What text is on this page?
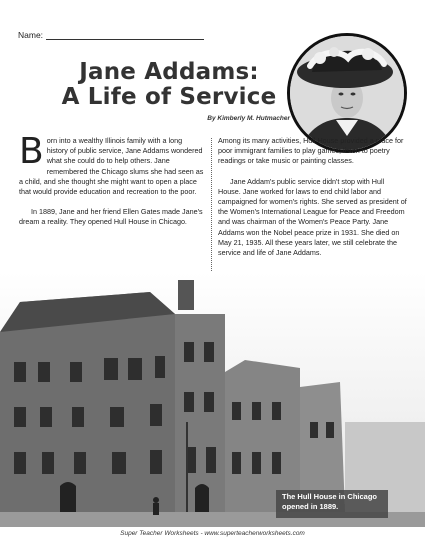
Name:
Jane Addams:
A Life of Service
By Kimberly M. Hutmacher

B orn into a wealthy Illinois family with a long history of public service, Jane Addams wondered what she could do to help others. Jane remembered the Chicago slums she had seen as a child, and she thought she might want to open a place that would provide education and recreation to the poor.

In 1889, Jane and her friend Ellen Gates made Jane's dream a reality. They opened Hull House in Chicago.

Among its many activities, Hull House provided a place for poor immigrant families to play games, listen to poetry readings or take music or painting classes.

Jane Addam's public service didn't stop with Hull House. Jane worked for laws to end child labor and campaigned for women's rights. She served as president of the Women's International League for Peace and Freedom and was chairman of the Women's Peace Party. Jane Addams won the Nobel peace prize in 1931. She died on May 21, 1935. All these years later, we still celebrate the service and life of Jane Addams.

The Hull House in Chicago
opened in 1889.
Super Teacher Worksheets - www.superteacherworksheets.com
